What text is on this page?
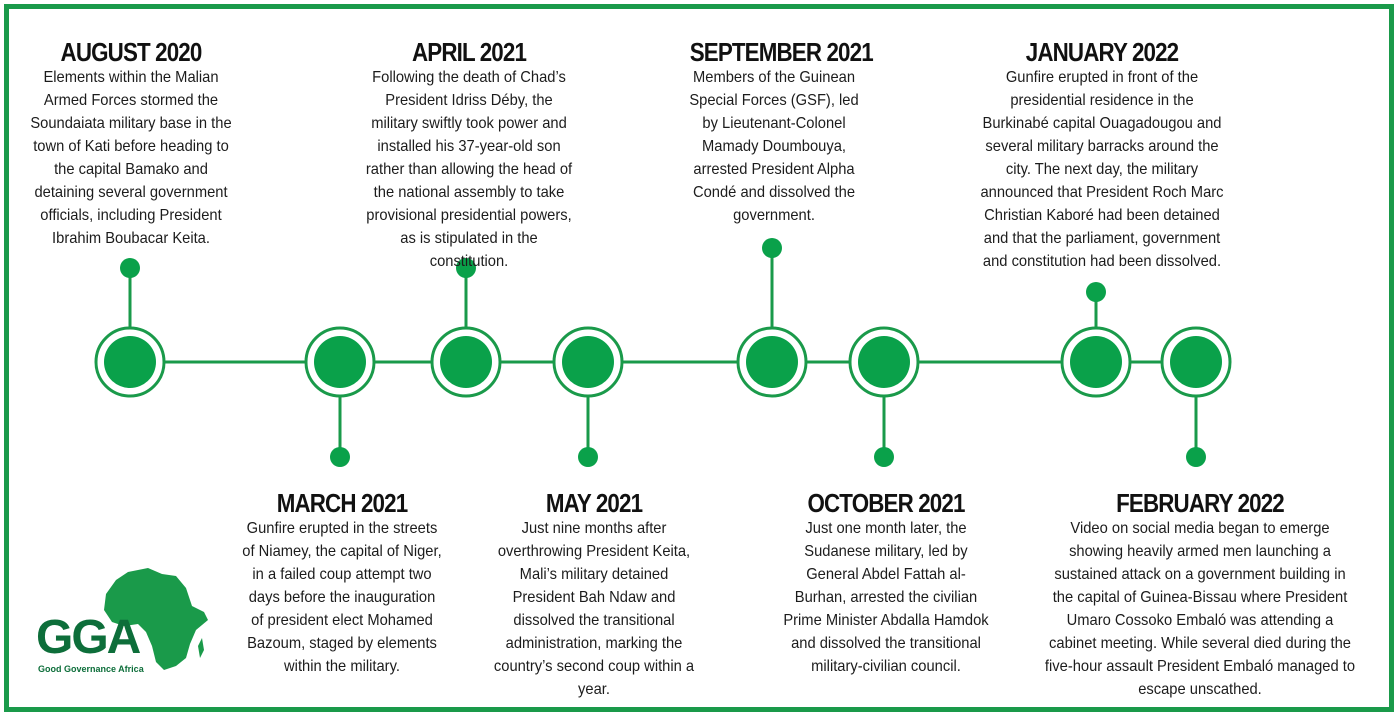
AUGUST 2020
Elements within the Malian Armed Forces stormed the Soundaiata military base in the town of Kati before heading to the capital Bamako and detaining several government officials, including President Ibrahim Boubacar Keita.
APRIL 2021
Following the death of Chad’s President Idriss Déby, the military swiftly took power and installed his 37-year-old son rather than allowing the head of the national assembly to take provisional presidential powers, as is stipulated in the constitution.
SEPTEMBER 2021
Members of the Guinean Special Forces (GSF), led by Lieutenant-Colonel Mamady Doumbouya, arrested President Alpha Condé and dissolved the government.
JANUARY 2022
Gunfire erupted in front of the presidential residence in the Burkinabé capital Ouagadougou and several military barracks around the city. The next day, the military announced that President Roch Marc Christian Kaboré had been detained and that the parliament, government and constitution had been dissolved.
MARCH 2021
Gunfire erupted in the streets of Niamey, the capital of Niger, in a failed coup attempt two days before the inauguration of president elect Mohamed Bazoum, staged by elements within the military.
MAY 2021
Just nine months after overthrowing President Keita, Mali’s military detained President Bah Ndaw and dissolved the transitional administration, marking the country’s second coup within a year.
OCTOBER 2021
Just one month later, the Sudanese military, led by General Abdel Fattah al-Burhan, arrested the civilian Prime Minister Abdalla Hamdok and dissolved the transitional military-civilian council.
FEBRUARY 2022
Video on social media began to emerge showing heavily armed men launching a sustained attack on a government building in the capital of Guinea-Bissau where President Umaro Cossoko Embaló was attending a cabinet meeting. While several died during the five-hour assault President Embaló managed to escape unscathed.
GGA
Good Governance Africa
